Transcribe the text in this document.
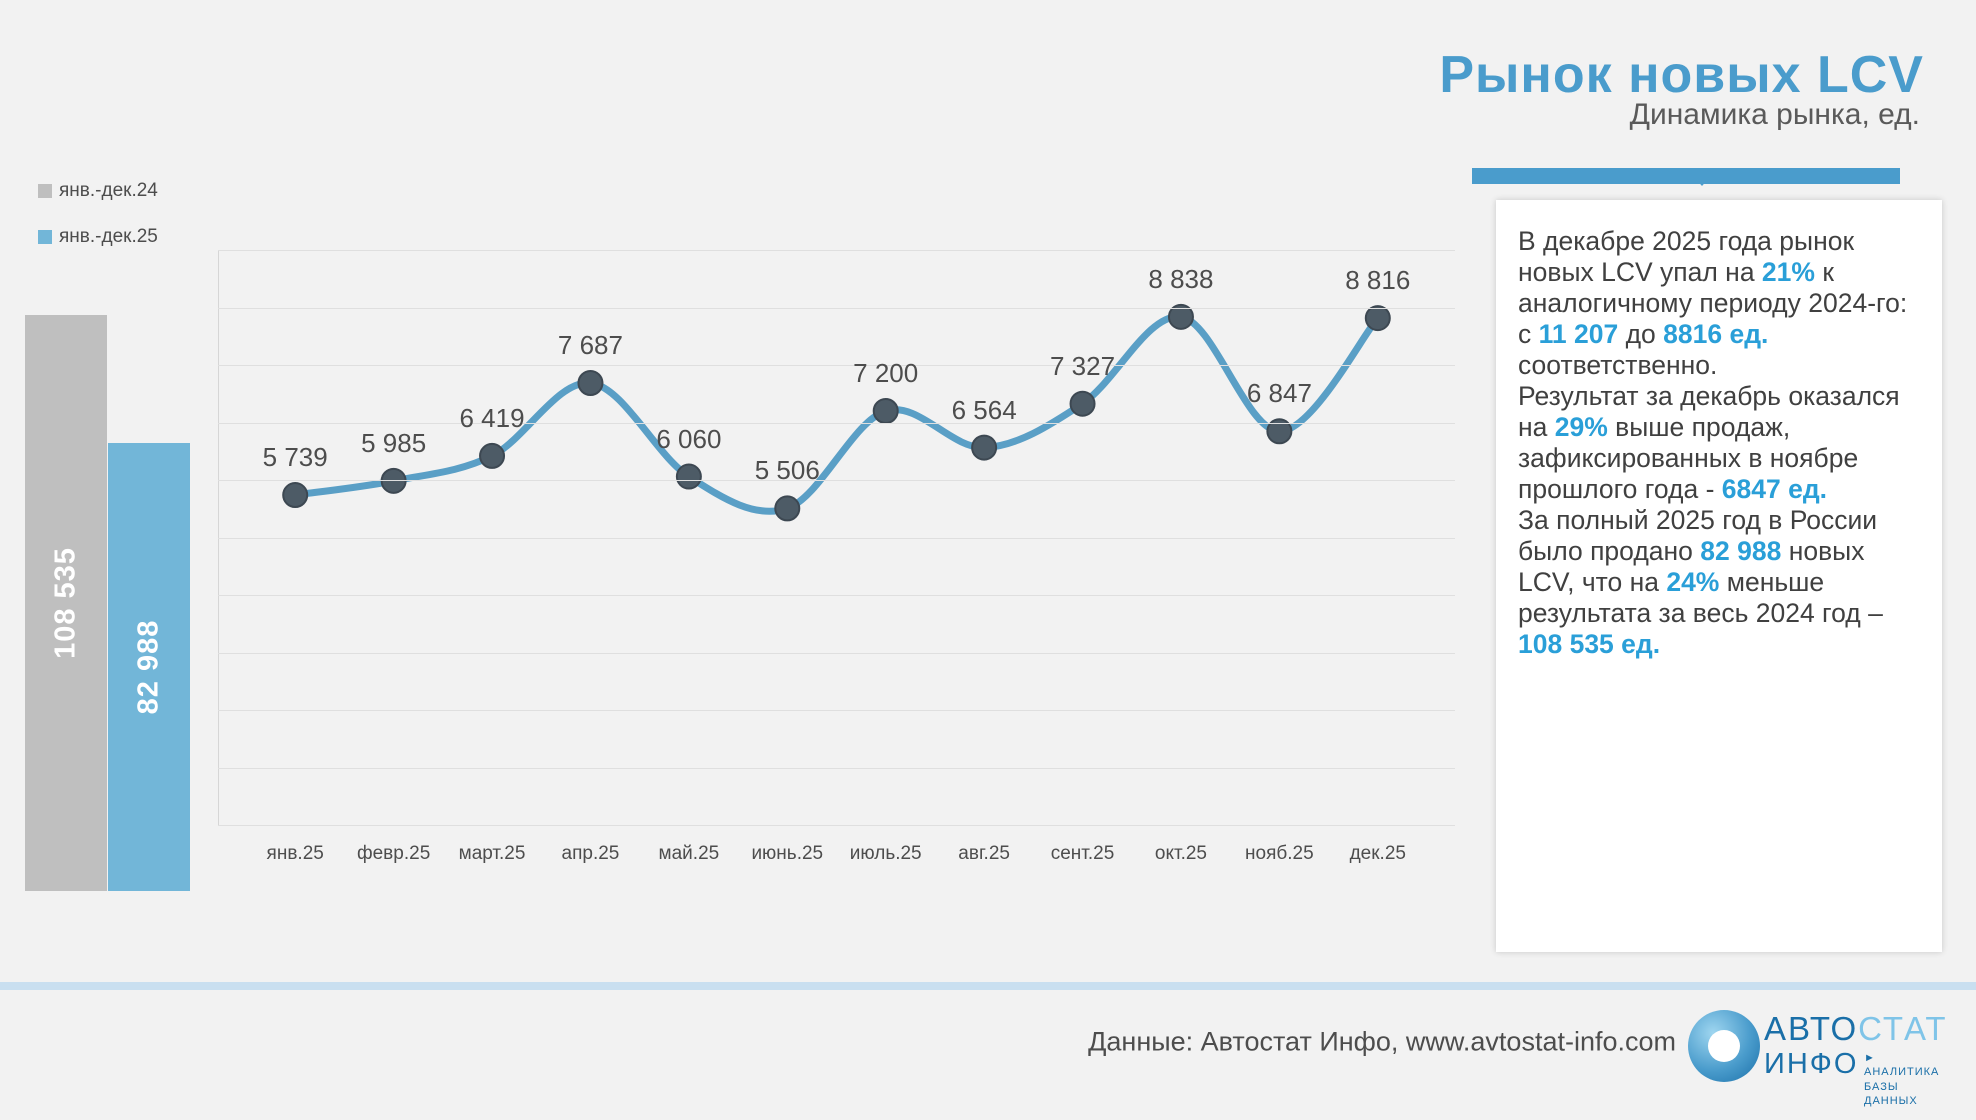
Рынок новых LCV
Динамика рынка, ед.
янв.-дек.24
янв.-дек.25
108 535
82 988
5 739 5 985
6 419
7 687
6 060
5 506
7 200
6 564
7 327
8 838
6 847
8 816
янв.25 февр.25 март.25 апр.25 май.25 июнь.25 июль.25 авг.25 сент.25 окт.25 нояб.25 дек.25
В декабре 2025 года рынок новых LCV упал на 21% к аналогичному периоду 2024-го: с 11 207 до 8816 ед. соответственно.
Результат за декабрь оказался на 29% выше продаж, зафиксированных в ноябре прошлого года - 6847 ед.
За полный 2025 год в России было продано 82 988 новых LCV, что на 24% меньше результата за весь 2024 год – 108 535 ед.
Данные: Автостат Инфо, www.avtostat-info.com	АВТОСТАТ
ИНФО ► АНАЛИТИКА
БАЗЫ ДАННЫХ
